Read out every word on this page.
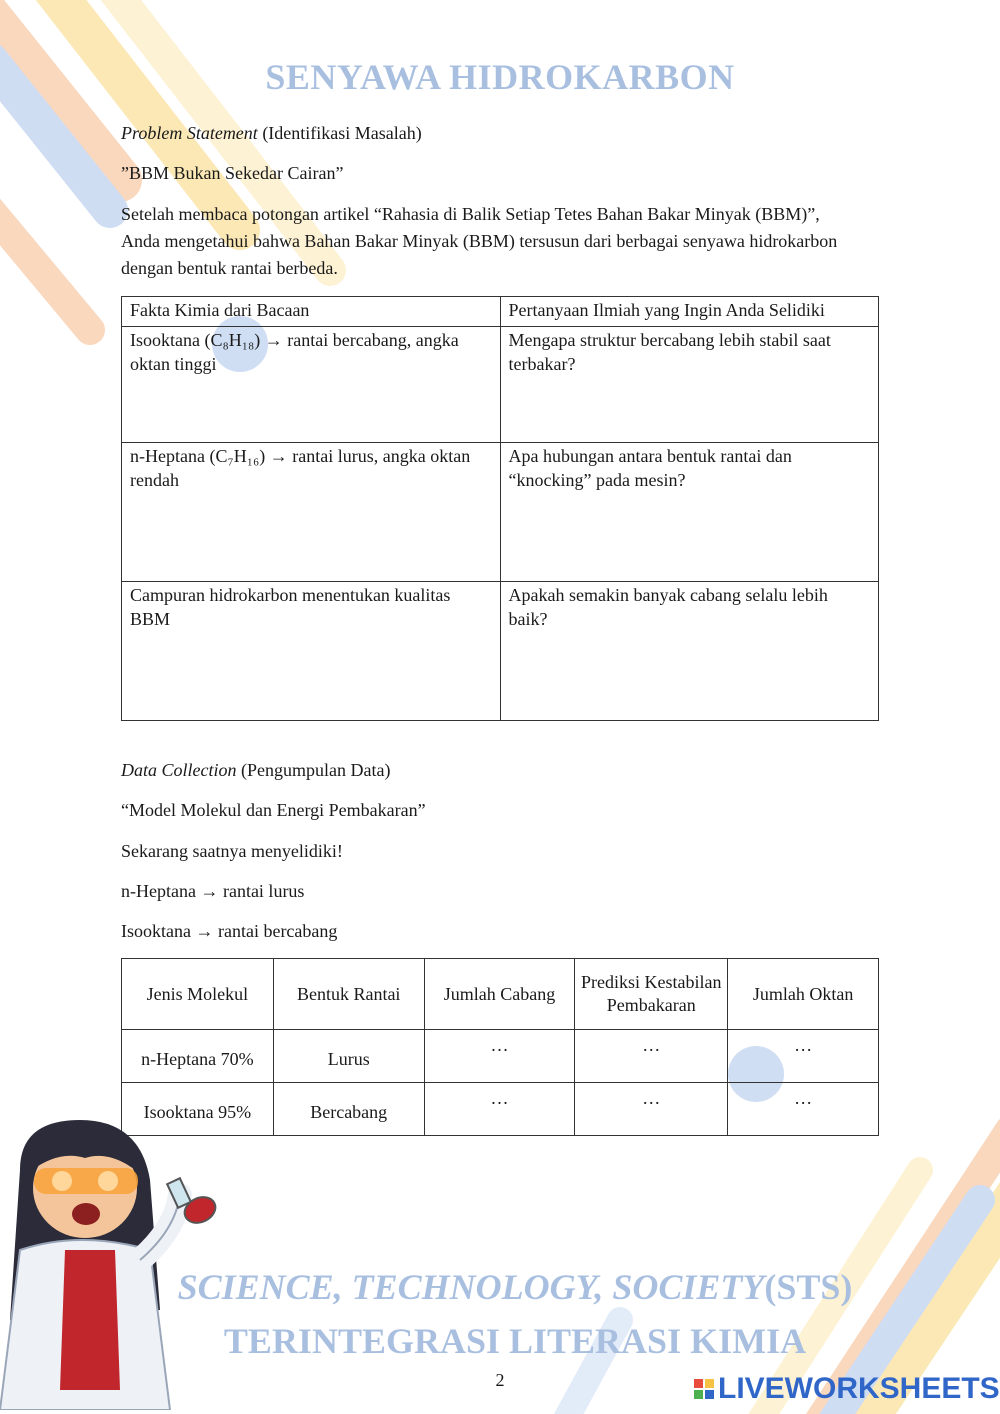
SENYAWA HIDROKARBON

Problem Statement (Identifikasi Masalah)

”BBM Bukan Sekedar Cairan”

Setelah membaca potongan artikel “Rahasia di Balik Setiap Tetes Bahan Bakar Minyak (BBM)”, Anda mengetahui bahwa Bahan Bakar Minyak (BBM) tersusun dari berbagai senyawa hidrokarbon dengan bentuk rantai berbeda.

Fakta Kimia dari Bacaan	Pertanyaan Ilmiah yang Ingin Anda Selidiki
Isooktana (C₈H₁₈) → rantai bercabang, angka oktan tinggi	Mengapa struktur bercabang lebih stabil saat terbakar?
n-Heptana (C₇H₁₆) → rantai lurus, angka oktan rendah	Apa hubungan antara bentuk rantai dan “knocking” pada mesin?
Campuran hidrokarbon menentukan kualitas BBM	Apakah semakin banyak cabang selalu lebih baik?

Data Collection (Pengumpulan Data)

“Model Molekul dan Energi Pembakaran”

Sekarang saatnya menyelidiki!

n-Heptana → rantai lurus

Isooktana → rantai bercabang

Jenis Molekul	Bentuk Rantai	Jumlah Cabang	Prediksi Kestabilan Pembakaran	Jumlah Oktan
n-Heptana 70%	Lurus	…	…	…
Isooktana 95%	Bercabang	…	…	…
SCIENCE, TECHNOLOGY, SOCIETY(STS)
TERINTEGRASI LITERASI KIMIA
2	LIVEWORKSHEETS
